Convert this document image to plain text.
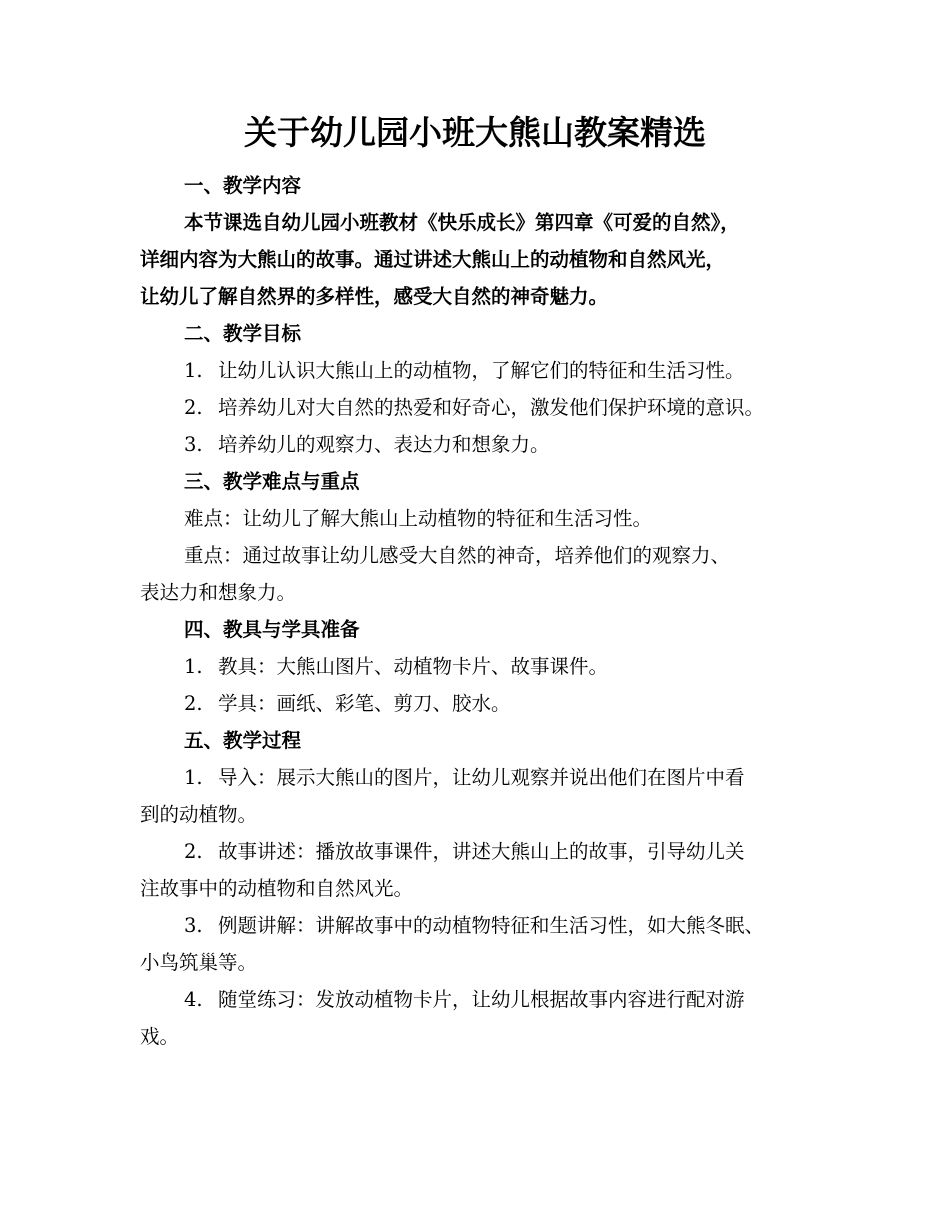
关于幼儿园小班大熊山教案精选

一、教学内容

本节课选自幼儿园小班教材《快乐成长》第四章《可爱的自然》，

详细内容为大熊山的故事。通过讲述大熊山上的动植物和自然风光，

让幼儿了解自然界的多样性，感受大自然的神奇魅力。

二、教学目标

1. 让幼儿认识大熊山上的动植物，了解它们的特征和生活习性。

2. 培养幼儿对大自然的热爱和好奇心，激发他们保护环境的意识。

3. 培养幼儿的观察力、表达力和想象力。

三、教学难点与重点

难点：让幼儿了解大熊山上动植物的特征和生活习性。

重点：通过故事让幼儿感受大自然的神奇，培养他们的观察力、

表达力和想象力。

四、教具与学具准备

1. 教具：大熊山图片、动植物卡片、故事课件。

2. 学具：画纸、彩笔、剪刀、胶水。

五、教学过程

1. 导入：展示大熊山的图片，让幼儿观察并说出他们在图片中看

到的动植物。

2. 故事讲述：播放故事课件，讲述大熊山上的故事，引导幼儿关

注故事中的动植物和自然风光。

3. 例题讲解：讲解故事中的动植物特征和生活习性，如大熊冬眠、

小鸟筑巢等。

4. 随堂练习：发放动植物卡片，让幼儿根据故事内容进行配对游

戏。
